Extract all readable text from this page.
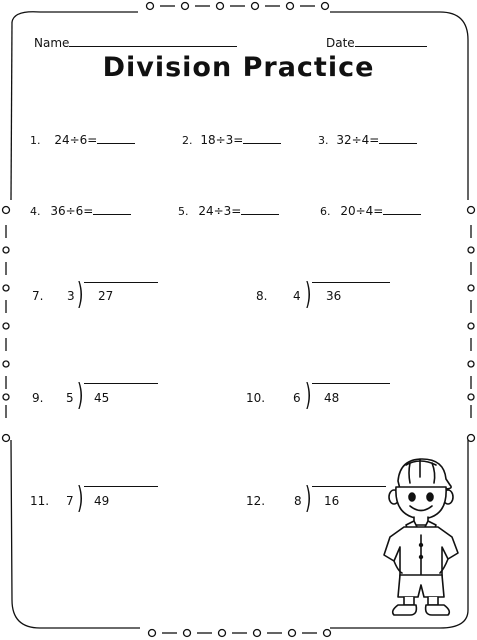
Name	Date
Division Practice
1. 24÷6=	2. 18÷3=	3. 32÷4=
4. 36÷6=	5. 24÷3=	6. 20÷4=
7. 3 ) 27	8. 4 ) 36
9. 5 ) 45	10. 6 ) 48
11. 7 ) 49	12. 8 ) 16
